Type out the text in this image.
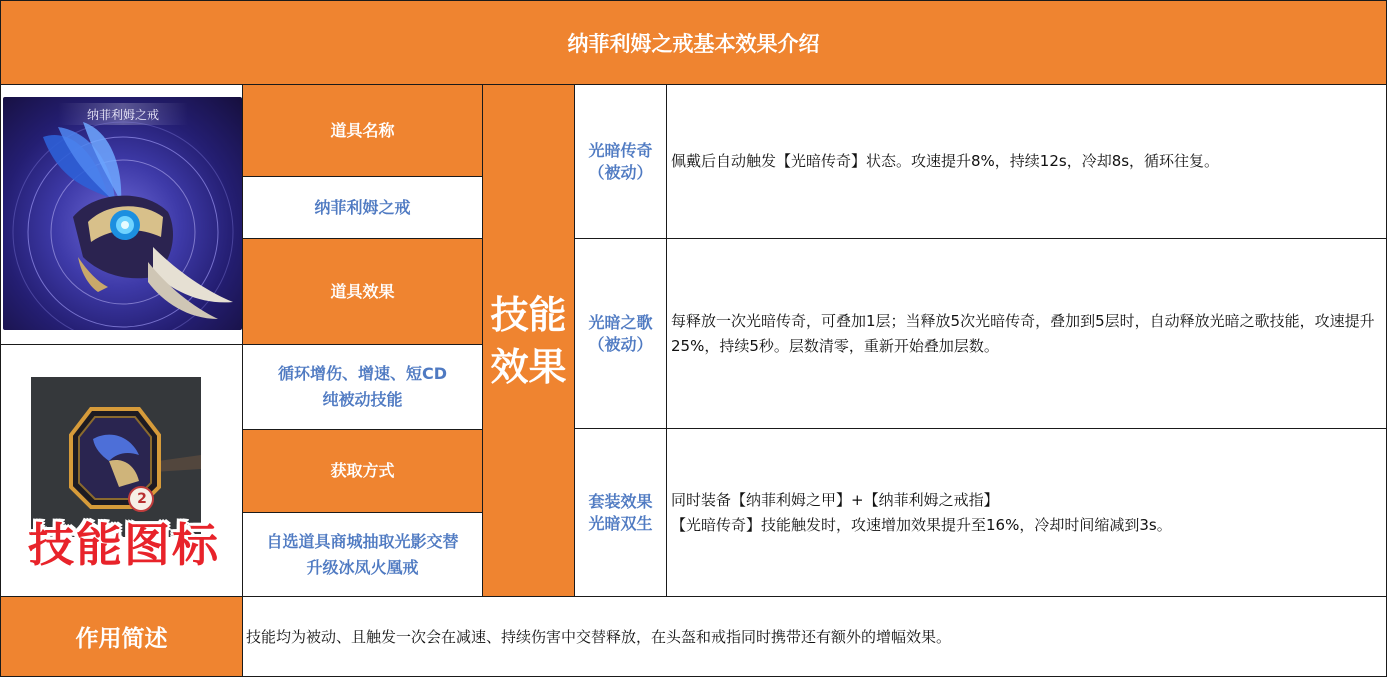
纳菲利姆之戒基本效果介绍
纳菲利姆之戒
2
技能图标
道具名称
纳菲利姆之戒
道具效果
循环增伤、增速、短CD
纯被动技能
获取方式
自选道具商城抽取光影交替
升级冰凤火凰戒
技能
效果
光暗传奇
（被动）
佩戴后自动触发【光暗传奇】状态。攻速提升8%，持续12s，冷却8s，循环往复。
光暗之歌
（被动）
每释放一次光暗传奇，可叠加1层；当释放5次光暗传奇，叠加到5层时，自动释放光暗之歌技能，攻速提升25%，持续5秒。层数清零，重新开始叠加层数。
套装效果
光暗双生
同时装备【纳菲利姆之甲】+【纳菲利姆之戒指】
【光暗传奇】技能触发时，攻速增加效果提升至16%，冷却时间缩减到3s。
作用简述	技能均为被动、且触发一次会在减速、持续伤害中交替释放，在头盔和戒指同时携带还有额外的增幅效果。
